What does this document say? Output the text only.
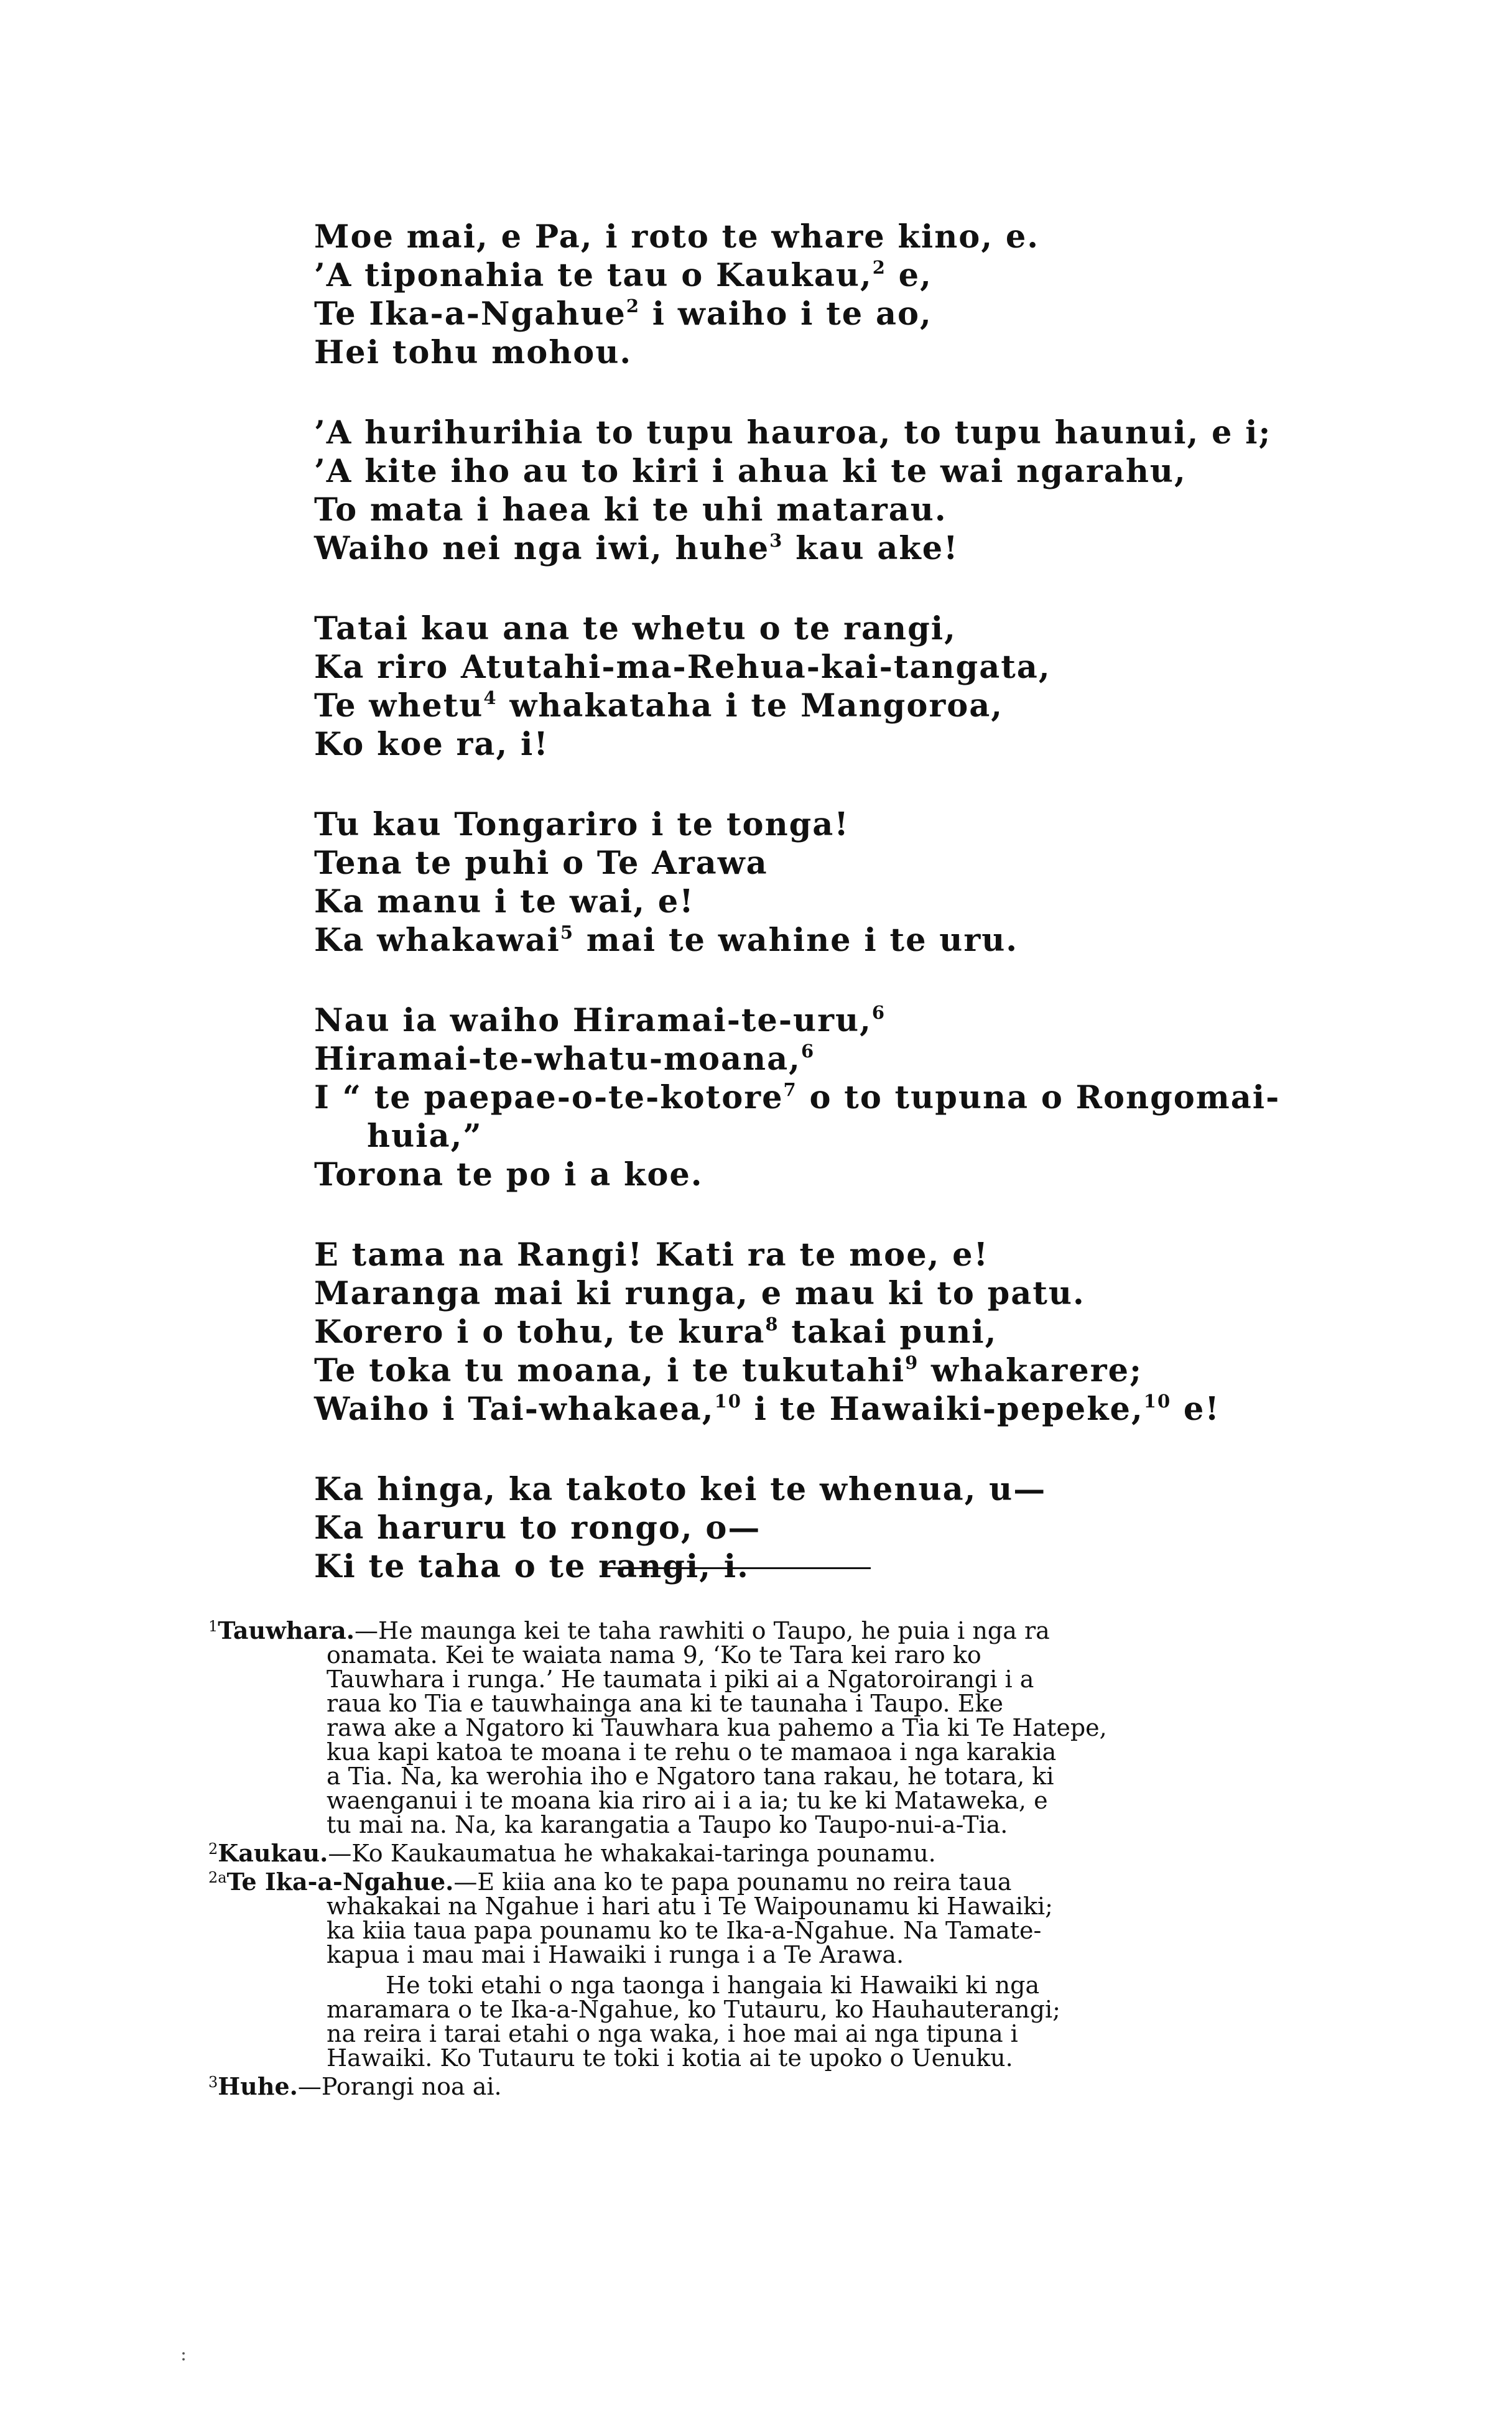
Moe mai, e Pa, i roto te whare kino, e.
’A tiponahia te tau o Kaukau,$^2$ e,
Te Ika-a-Ngahue$^2$ i waiho i te ao,
Hei tohu mohou.
’A hurihurihia to tupu hauroa, to tupu haunui, e i;
’A kite iho au to kiri i ahua ki te wai ngarahu,
To mata i haea ki te uhi matarau.
Waiho nei nga iwi, huhe$^3$ kau ake!
Tatai kau ana te whetu o te rangi,
Ka riro Atutahi-ma-Rehua-kai-tangata,
Te whetu$^4$ whakataha i te Mangoroa,
Ko koe ra, i!
Tu kau Tongariro i te tonga!
Tena te puhi o Te Arawa
Ka manu i te wai, e!
Ka whakawai$^5$ mai te wahine i te uru.
Nau ia waiho Hiramai-te-uru,$^6$
Hiramai-te-whatu-moana,$^6$
I “ te paepae-o-te-kotore$^7$ o to tupuna o Rongomai-
huia,”
Torona te po i a koe.
E tama na Rangi! Kati ra te moe, e!
Maranga mai ki runga, e mau ki to patu.
Korero i o tohu, te kura$^8$ takai puni,
Te toka tu moana, i te tukutahi$^9$ whakarere;
Waiho i Tai-whakaea,$^{10}$ i te Hawaiki-pepeke,$^{10}$ e!
Ka hinga, ka takoto kei te whenua, u—
Ka haruru to rongo, o—
Ki te taha o te rangi, i.
$^1$Tauwhara.—He maunga kei te taha rawhiti o Taupo, he puia i nga ra
onamata. Kei te waiata nama 9, ‘Ko te Tara kei raro ko
Tauwhara i runga.’ He taumata i piki ai a Ngatoroirangi i a
raua ko Tia e tauwhainga ana ki te taunaha i Taupo. Eke
rawa ake a Ngatoro ki Tauwhara kua pahemo a Tia ki Te Hatepe,
kua kapi katoa te moana i te rehu o te mamaoa i nga karakia
a Tia. Na, ka werohia iho e Ngatoro tana rakau, he totara, ki
waenganui i te moana kia riro ai i a ia; tu ke ki Mataweka, e
tu mai na. Na, ka karangatia a Taupo ko Taupo-nui-a-Tia.
$^2$Kaukau.—Ko Kaukaumatua he whakakai-taringa pounamu.
$^{2a}$Te Ika-a-Ngahue.—E kiia ana ko te papa pounamu no reira taua
whakakai na Ngahue i hari atu i Te Waipounamu ki Hawaiki;
ka kiia taua papa pounamu ko te Ika-a-Ngahue. Na Tamate-
kapua i mau mai i Hawaiki i runga i a Te Arawa.
He toki etahi o nga taonga i hangaia ki Hawaiki ki nga
maramara o te Ika-a-Ngahue, ko Tutauru, ko Hauhauterangi;
na reira i tarai etahi o nga waka, i hoe mai ai nga tipuna i
Hawaiki. Ko Tutauru te toki i kotia ai te upoko o Uenuku.
$^3$Huhe.—Porangi noa ai.
:
